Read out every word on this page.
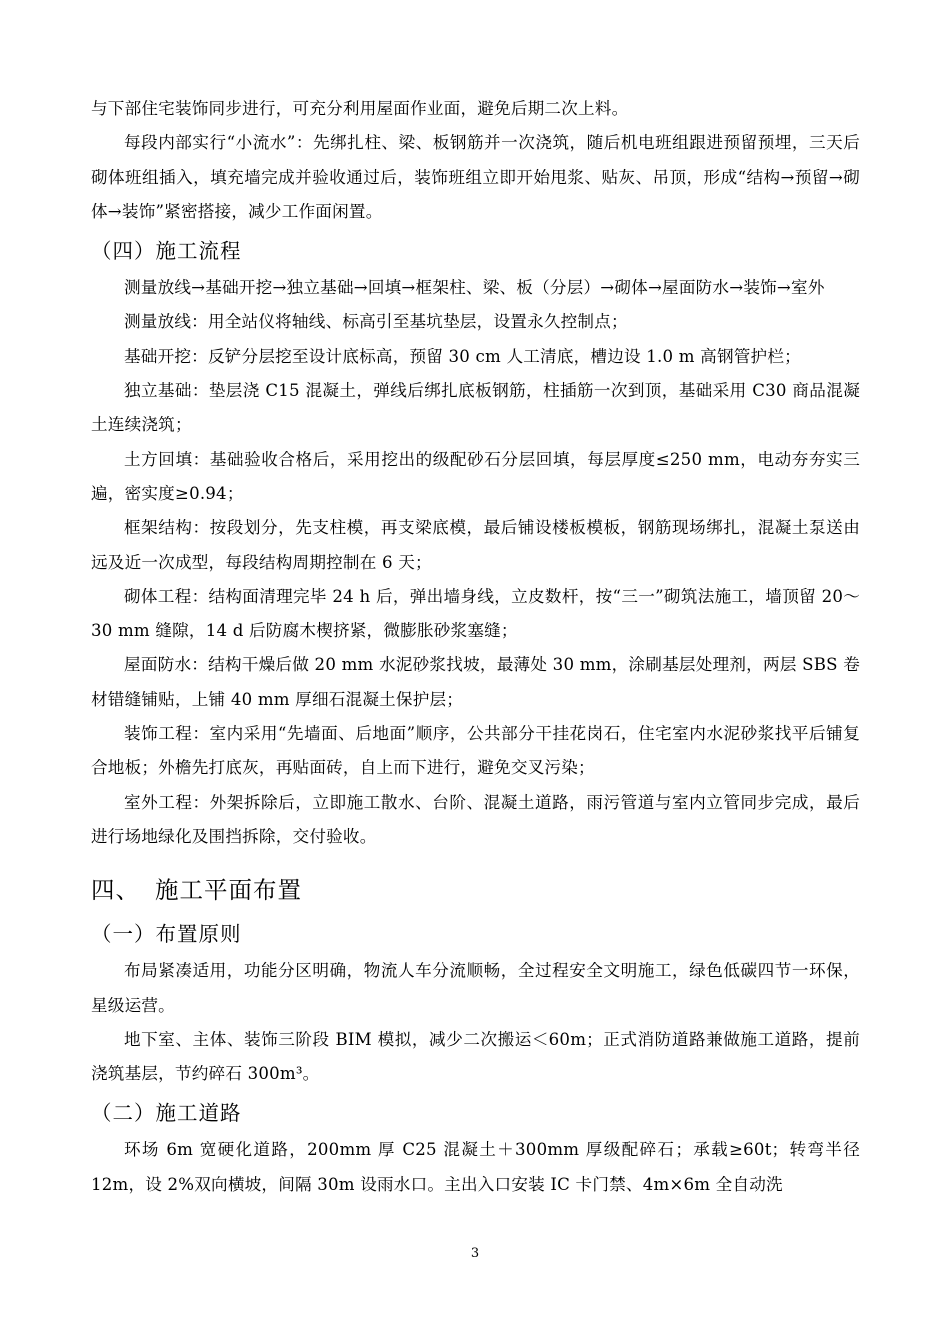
与下部住宅装饰同步进行，可充分利用屋面作业面，避免后期二次上料。

每段内部实行“小流水”：先绑扎柱、梁、板钢筋并一次浇筑，随后机电班组跟进预留预埋，三天后砌体班组插入，填充墙完成并验收通过后，装饰班组立即开始甩浆、贴灰、吊顶，形成“结构→预留→砌体→装饰”紧密搭接，减少工作面闲置。

（四）施工流程

测量放线→基础开挖→独立基础→回填→框架柱、梁、板（分层）→砌体→屋面防水→装饰→室外

测量放线：用全站仪将轴线、标高引至基坑垫层，设置永久控制点；

基础开挖：反铲分层挖至设计底标高，预留 30 cm 人工清底，槽边设 1.0 m 高钢管护栏；

独立基础：垫层浇 C15 混凝土，弹线后绑扎底板钢筋，柱插筋一次到顶，基础采用 C30 商品混凝土连续浇筑；

土方回填：基础验收合格后，采用挖出的级配砂石分层回填，每层厚度≤250 mm，电动夯夯实三遍，密实度≥0.94；

框架结构：按段划分，先支柱模，再支梁底模，最后铺设楼板模板，钢筋现场绑扎，混凝土泵送由远及近一次成型，每段结构周期控制在 6 天；

砌体工程：结构面清理完毕 24 h 后，弹出墙身线，立皮数杆，按“三一”砌筑法施工，墙顶留 20～30 mm 缝隙，14 d 后防腐木楔挤紧，微膨胀砂浆塞缝；

屋面防水：结构干燥后做 20 mm 水泥砂浆找坡，最薄处 30 mm，涂刷基层处理剂，两层 SBS 卷材错缝铺贴，上铺 40 mm 厚细石混凝土保护层；

装饰工程：室内采用“先墙面、后地面”顺序，公共部分干挂花岗石，住宅室内水泥砂浆找平后铺复合地板；外檐先打底灰，再贴面砖，自上而下进行，避免交叉污染；

室外工程：外架拆除后，立即施工散水、台阶、混凝土道路，雨污管道与室内立管同步完成，最后进行场地绿化及围挡拆除，交付验收。

四、 施工平面布置
（一）布置原则

布局紧凑适用，功能分区明确，物流人车分流顺畅，全过程安全文明施工，绿色低碳四节一环保，星级运营。

地下室、主体、装饰三阶段 BIM 模拟，减少二次搬运＜60m；正式消防道路兼做施工道路，提前浇筑基层，节约碎石 300m³。

（二）施工道路

环场 6m 宽硬化道路，200mm 厚 C25 混凝土＋300mm 厚级配碎石；承载≥60t；转弯半径 12m，设 2%双向横坡，间隔 30m 设雨水口。主出入口安装 IC 卡门禁、4m×6m 全自动洗

3
